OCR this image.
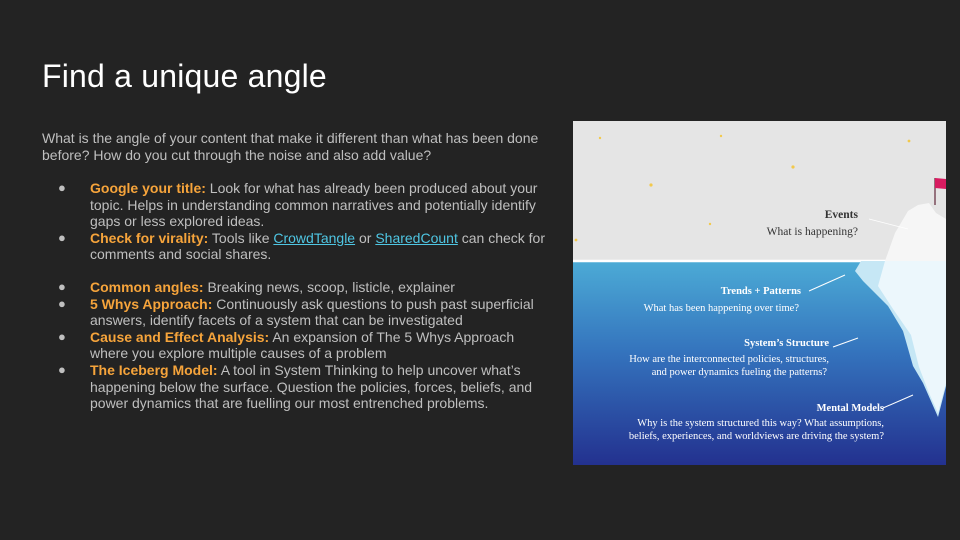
Find a unique angle

What is the angle of your content that make it different than what has been done before? How do you cut through the noise and also add value?

● Google your title: Look for what has already been produced about your topic. Helps in understanding common narratives and potentially identify gaps or less explored ideas.
● Check for virality: Tools like CrowdTangle or SharedCount can check for comments and social shares.
● Common angles: Breaking news, scoop, listicle, explainer
● 5 Whys Approach: Continuously ask questions to push past superficial answers, identify facets of a system that can be investigated
● Cause and Effect Analysis: An expansion of The 5 Whys Approach where you explore multiple causes of a problem
● The Iceberg Model: A tool in System Thinking to help uncover what’s happening below the surface. Question the policies, forces, beliefs, and power dynamics that are fuelling our most entrenched problems.
Events
What is happening?
Trends + Patterns
What has been happening over time?
System’s Structure
How are the interconnected policies, structures,
and power dynamics fueling the patterns?
Mental Models
Why is the system structured this way? What assumptions,
beliefs, experiences, and worldviews are driving the system?
